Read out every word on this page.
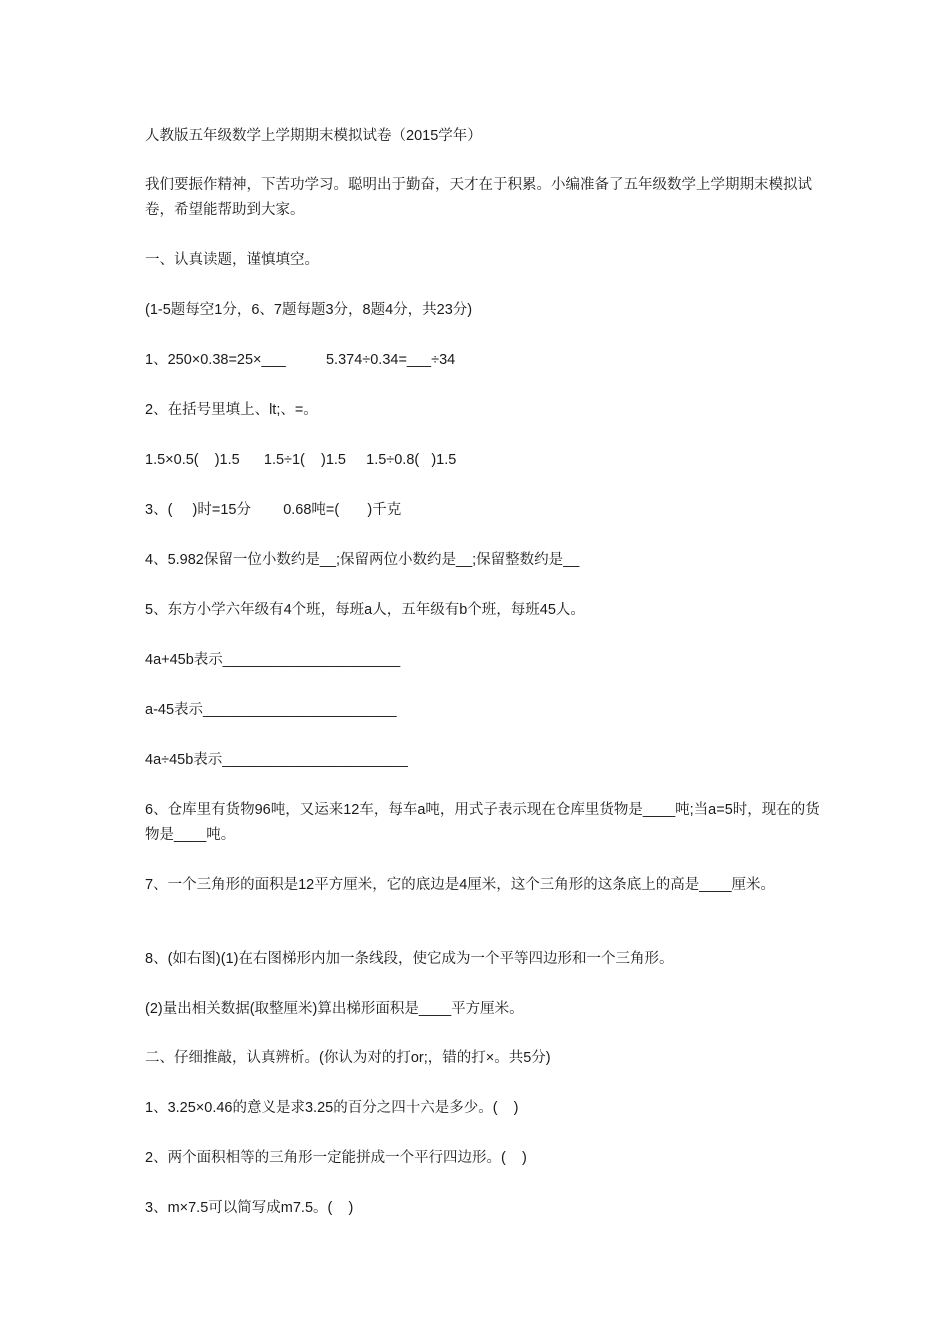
人教版五年级数学上学期期末模拟试卷（2015学年）
我们要振作精神，下苦功学习。聪明出于勤奋，天才在于积累。小编准备了五年级数学上学期期末模拟试卷，希望能帮助到大家。
一、认真读题，谨慎填空。
(1-5题每空1分，6、7题每题3分，8题4分，共23分)
1、250×0.38=25×___          5.374÷0.34=___÷34
2、在括号里填上、lt;、=。
1.5×0.5(    )1.5      1.5÷1(    )1.5     1.5÷0.8(   )1.5
3、(     )时=15分        0.68吨=(       )千克
4、5.982保留一位小数约是__;保留两位小数约是__;保留整数约是__
5、东方小学六年级有4个班，每班a人，五年级有b个班，每班45人。
4a+45b表示______________________
a-45表示________________________
4a÷45b表示_______________________
6、仓库里有货物96吨，又运来12车，每车a吨，用式子表示现在仓库里货物是____吨;当a=5时，现在的货物是____吨。
7、一个三角形的面积是12平方厘米，它的底边是4厘米，这个三角形的这条底上的高是____厘米。
8、(如右图)(1)在右图梯形内加一条线段，使它成为一个平等四边形和一个三角形。
(2)量出相关数据(取整厘米)算出梯形面积是____平方厘米。
二、仔细推敲，认真辨析。(你认为对的打or;，错的打×。共5分)
1、3.25×0.46的意义是求3.25的百分之四十六是多少。(    )
2、两个面积相等的三角形一定能拼成一个平行四边形。(    )
3、m×7.5可以简写成m7.5。(    )
